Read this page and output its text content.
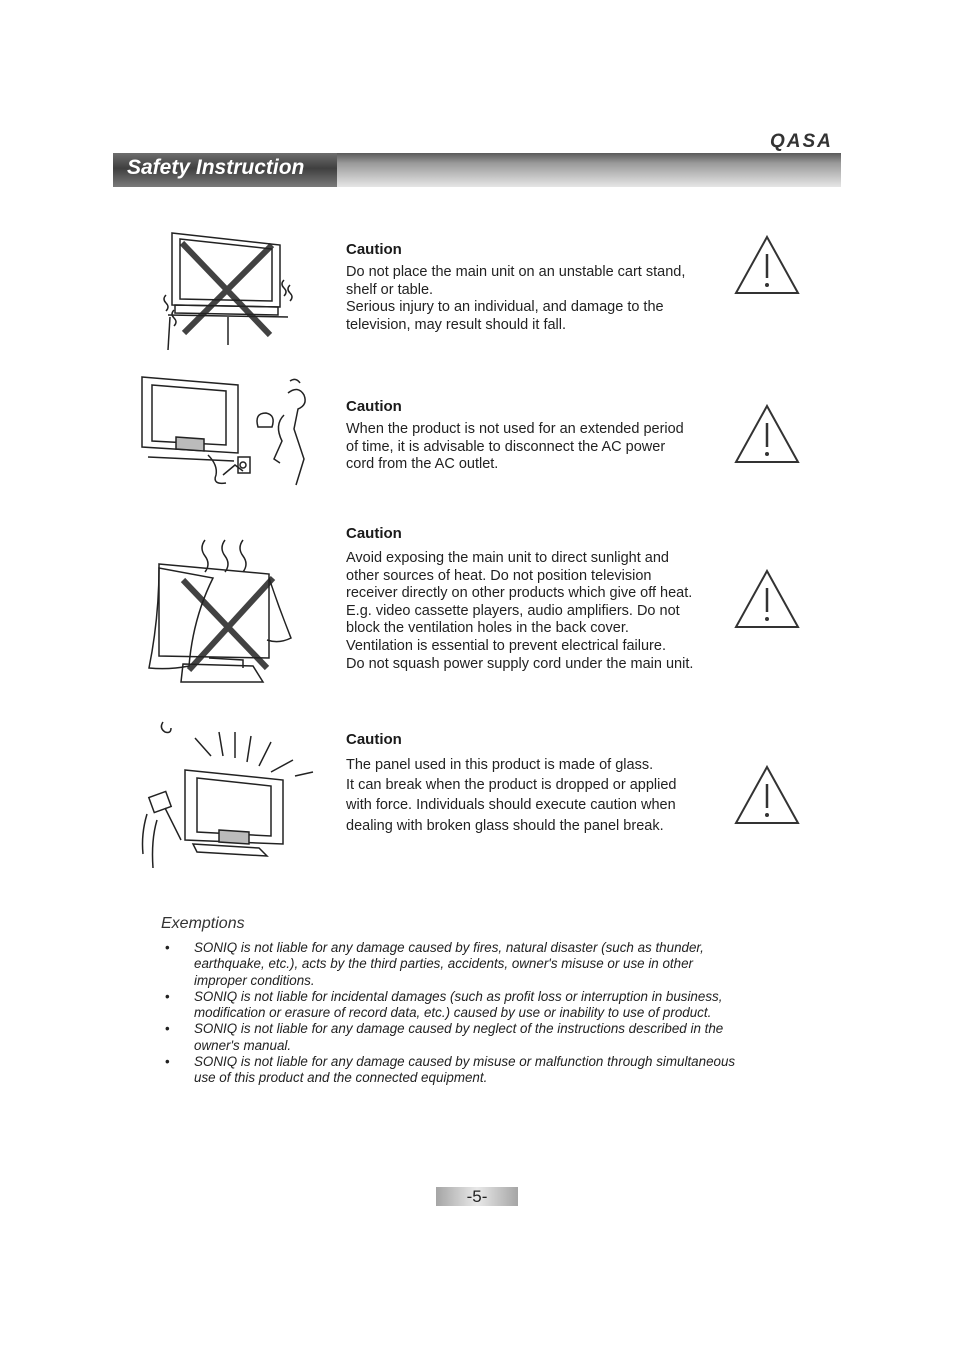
QASA
Safety Instruction
Caution

Do not place the main unit on an unstable cart stand,

shelf or table.

Serious injury to an individual, and damage to the

television, may result should it fall.

Caution

When the product is not used for an extended period

of time, it is advisable to disconnect the AC power

cord from the AC outlet.

Caution

Avoid exposing the main unit to direct sunlight and

other sources of heat. Do not position television

receiver directly on other products which give off heat.

E.g. video cassette players, audio amplifiers. Do not

block the ventilation holes in the back cover.

Ventilation is essential to prevent electrical failure.

Do not squash power supply cord under the main unit.

Caution

The panel used in this product is made of glass.

It can break when the product is dropped or applied

with force. Individuals should execute caution when

dealing with broken glass should the panel break.

Exemptions
• SONIQ is not liable for any damage caused by fires, natural disaster (such as thunder,
earthquake, etc.), acts by the third parties, accidents, owner's misuse or use in other
improper conditions.
• SONIQ is not liable for incidental damages (such as profit loss or interruption in business,
modification or erasure of record data, etc.) caused by use or inability to use of product.
• SONIQ is not liable for any damage caused by neglect of the instructions described in the
owner's manual.
• SONIQ is not liable for any damage caused by misuse or malfunction through simultaneous
use of this product and the connected equipment.
-5-
